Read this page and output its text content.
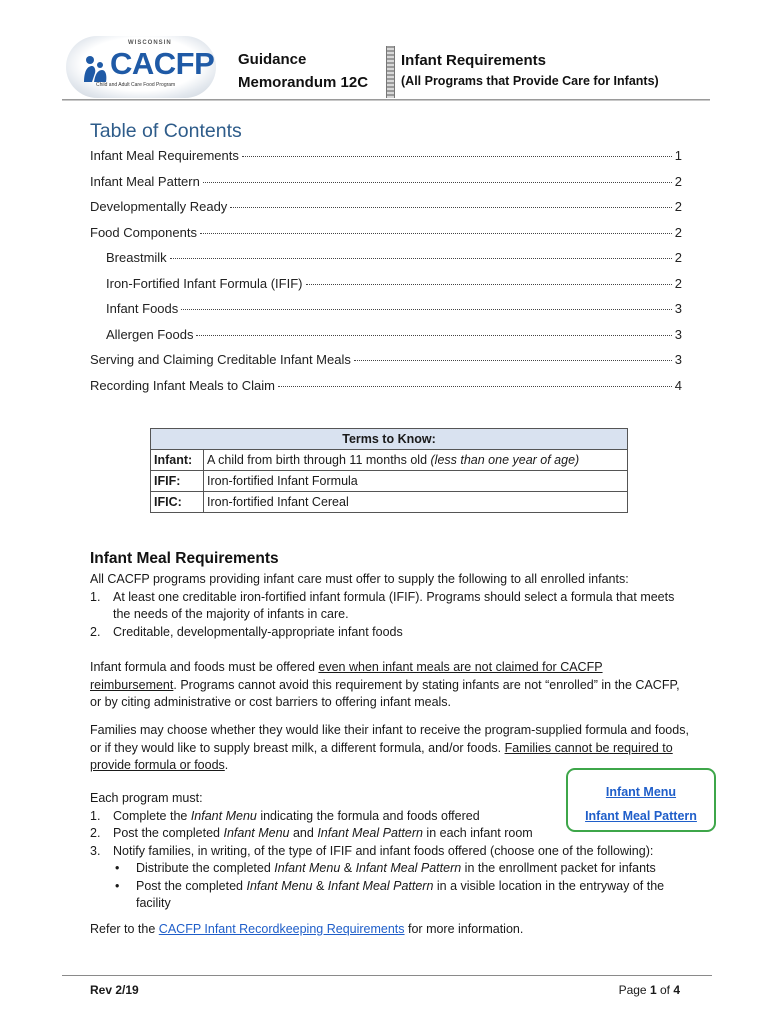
WISCONSIN
CACFP
Child and Adult Care Food Program
Guidance
Memorandum 12C
Infant Requirements
(All Programs that Provide Care for Infants)
Table of Contents
Infant Meal Requirements	1
Infant Meal Pattern	2
Developmentally Ready	2
Food Components	2
Breastmilk	2
Iron-Fortified Infant Formula (IFIF)	2
Infant Foods	3
Allergen Foods	3
Serving and Claiming Creditable Infant Meals	3
Recording Infant Meals to Claim	4
Terms to Know:	
Infant:	A child from birth through 11 months old (less than one year of age)
IFIF:	Iron-fortified Infant Formula
IFIC:	Iron-fortified Infant Cereal
Infant Meal Requirements
All CACFP programs providing infant care must offer to supply the following to all enrolled infants:
1. At least one creditable iron-fortified infant formula (IFIF). Programs should select a formula that meets the needs of the majority of infants in care.
2. Creditable, developmentally-appropriate infant foods
Infant formula and foods must be offered even when infant meals are not claimed for CACFP reimbursement. Programs cannot avoid this requirement by stating infants are not “enrolled” in the CACFP, or by citing administrative or cost barriers to offering infant meals.
Families may choose whether they would like their infant to receive the program-supplied formula and foods, or if they would like to supply breast milk, a different formula, and/or foods. Families cannot be required to provide formula or foods.
Each program must:
1. Complete the Infant Menu indicating the formula and foods offered
2. Post the completed Infant Menu and Infant Meal Pattern in each infant room
3. Notify families, in writing, of the type of IFIF and infant foods offered (choose one of the following):
• Distribute the completed Infant Menu & Infant Meal Pattern in the enrollment packet for infants
• Post the completed Infant Menu & Infant Meal Pattern in a visible location in the entryway of the facility
Refer to the CACFP Infant Recordkeeping Requirements for more information.
Infant Menu
Infant Meal Pattern
Rev 2/19	Page 1 of 4
